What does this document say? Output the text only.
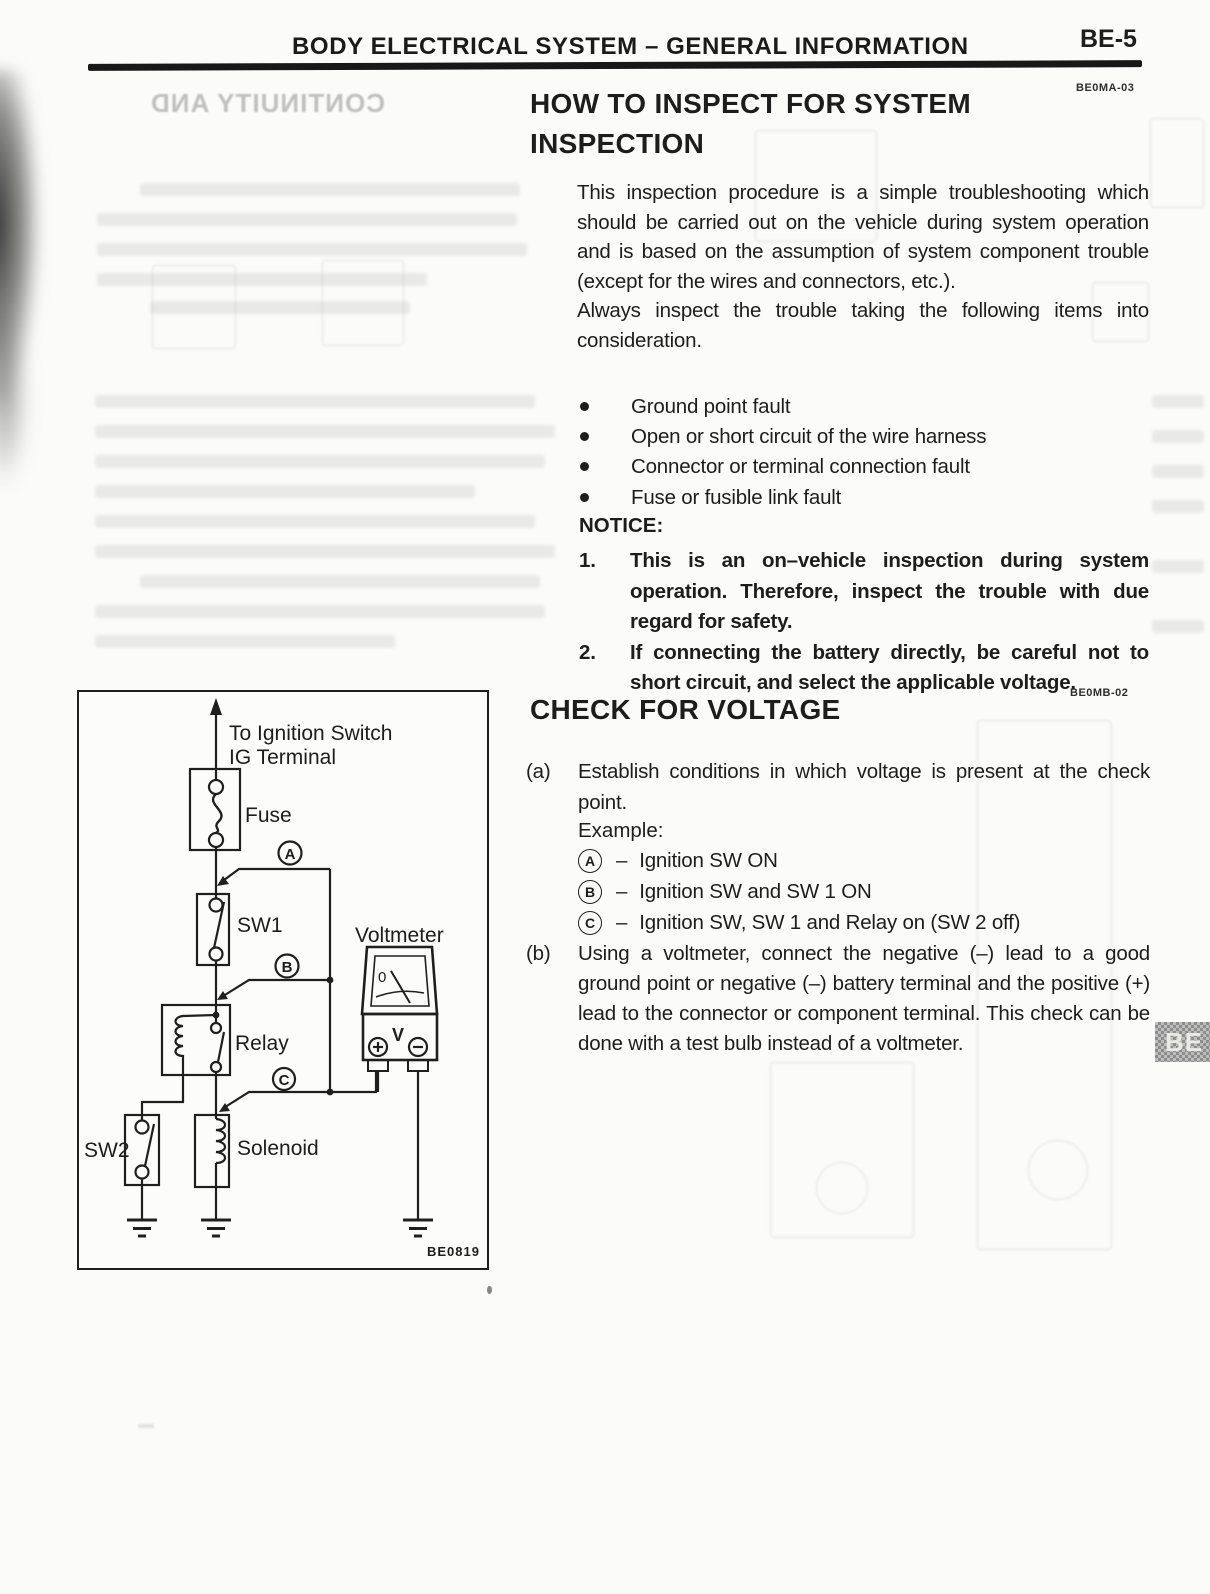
CONTINUITY AND
BODY ELECTRICAL SYSTEM – GENERAL INFORMATION	BE-5
BE0MA-03
HOW TO INSPECT FOR SYSTEM
INSPECTION

This inspection procedure is a simple troubleshooting which should be carried out on the vehicle during system operation and is based on the assumption of system component trouble (except for the wires and connectors, etc.).

Always inspect the trouble taking the following items into consideration.

Ground point fault
Open or short circuit of the wire harness
Connector or terminal connection fault
Fuse or fusible link fault
NOTICE:
1. This is an on–vehicle inspection during system operation. Therefore, inspect the trouble with due regard for safety.
2. If connecting the battery directly, be careful not to short circuit, and select the applicable voltage.
BE0MB-02
CHECK FOR VOLTAGE
(a)	Establish conditions in which voltage is present at the check point.
Example:
A	– Ignition SW ON
B	– Ignition SW and SW 1 ON
C	– Ignition SW, SW 1 and Relay on (SW 2 off)
(b)	Using a voltmeter, connect the negative (–) lead to a good ground point or negative (–) battery terminal and the positive (+) lead to the connector or component terminal. This check can be done with a test bulb instead of a voltmeter.
To Ignition Switch
IG Terminal
Fuse
SW1
Relay
SW2	Solenoid
Voltmeter
0
V
A
B
C
BE0819
BE
